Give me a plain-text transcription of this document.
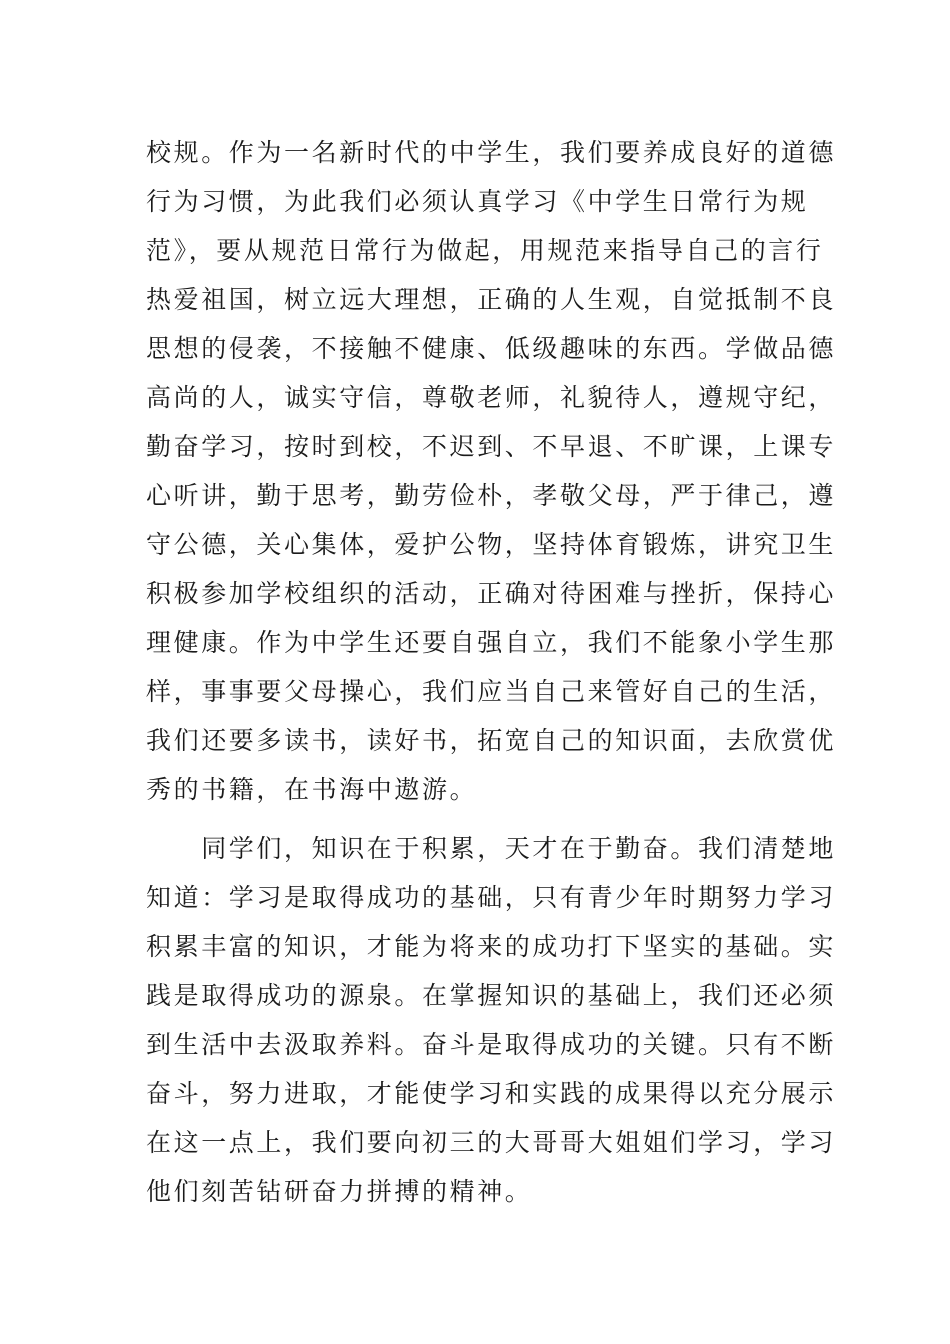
校规。作为一名新时代的中学生，我们要养成良好的道德
行为习惯，为此我们必须认真学习《中学生日常行为规
范》，要从规范日常行为做起，用规范来指导自己的言行
热爱祖国，树立远大理想，正确的人生观，自觉抵制不良
思想的侵袭，不接触不健康、低级趣味的东西。学做品德
高尚的人，诚实守信，尊敬老师，礼貌待人，遵规守纪，
勤奋学习，按时到校，不迟到、不早退、不旷课，上课专
心听讲，勤于思考，勤劳俭朴，孝敬父母，严于律己，遵
守公德，关心集体，爱护公物，坚持体育锻炼，讲究卫生
积极参加学校组织的活动，正确对待困难与挫折，保持心
理健康。作为中学生还要自强自立，我们不能象小学生那
样，事事要父母操心，我们应当自己来管好自己的生活，
我们还要多读书，读好书，拓宽自己的知识面，去欣赏优
秀的书籍，在书海中遨游。
　　同学们，知识在于积累，天才在于勤奋。我们清楚地
知道：学习是取得成功的基础，只有青少年时期努力学习
积累丰富的知识，才能为将来的成功打下坚实的基础。实
践是取得成功的源泉。在掌握知识的基础上，我们还必须
到生活中去汲取养料。奋斗是取得成功的关键。只有不断
奋斗，努力进取，才能使学习和实践的成果得以充分展示
在这一点上，我们要向初三的大哥哥大姐姐们学习，学习
他们刻苦钻研奋力拼搏的精神。
